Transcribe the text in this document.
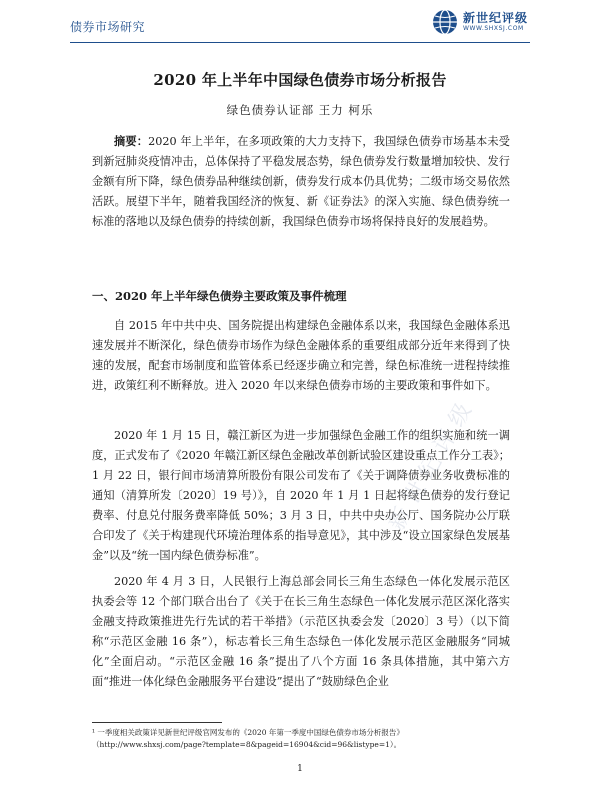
债券市场研究
新世纪评级
WWW.SHXSJ.COM
2020 年上半年中国绿色债券市场分析报告
绿色债券认证部 王力 柯乐

摘要：2020 年上半年，在多项政策的大力支持下，我国绿色债券市场基本未受到新冠肺炎疫情冲击，总体保持了平稳发展态势，绿色债券发行数量增加较快、发行金额有所下降，绿色债券品种继续创新，债券发行成本仍具优势；二级市场交易依然活跃。展望下半年，随着我国经济的恢复、新《证券法》的深入实施、绿色债券统一标准的落地以及绿色债券的持续创新，我国绿色债券市场将保持良好的发展趋势。

一、2020 年上半年绿色债券主要政策及事件梳理

自 2015 年中共中央、国务院提出构建绿色金融体系以来，我国绿色金融体系迅速发展并不断深化，绿色债券市场作为绿色金融体系的重要组成部分近年来得到了快速的发展，配套市场制度和监管体系已经逐步确立和完善，绿色标准统一进程持续推进，政策红利不断释放。进入 2020 年以来绿色债券市场的主要政策和事件如下。

2020 年 1 月 15 日，赣江新区为进一步加强绿色金融工作的组织实施和统一调度，正式发布了《2020 年赣江新区绿色金融改革创新试验区建设重点工作分工表》；1 月 22 日，银行间市场清算所股份有限公司发布了《关于调降债券业务收费标准的通知（清算所发〔2020〕19 号）》，自 2020 年 1 月 1 日起将绿色债券的发行登记费率、付息兑付服务费率降低 50%；3 月 3 日，中共中央办公厅、国务院办公厅联合印发了《关于构建现代环境治理体系的指导意见》，其中涉及“设立国家绿色发展基金”以及“统一国内绿色债券标准”。

2020 年 4 月 3 日，人民银行上海总部会同长三角生态绿色一体化发展示范区执委会等 12 个部门联合出台了《关于在长三角生态绿色一体化发展示范区深化落实金融支持政策推进先行先试的若干举措》（示范区执委会发〔2020〕3 号）（以下简称“示范区金融 16 条”），标志着长三角生态绿色一体化发展示范区金融服务“同城化”全面启动。“示范区金融 16 条”提出了八个方面 16 条具体措施，其中第六方面“推进一体化绿色金融服务平台建设”提出了“鼓励绿色企业

新世纪评级
¹ 一季度相关政策详见新世纪评级官网发布的《2020 年第一季度中国绿色债券市场分析报告》
（http://www.shxsj.com/page?template=8&pageid=16904&cid=96&listype=1）。
1
